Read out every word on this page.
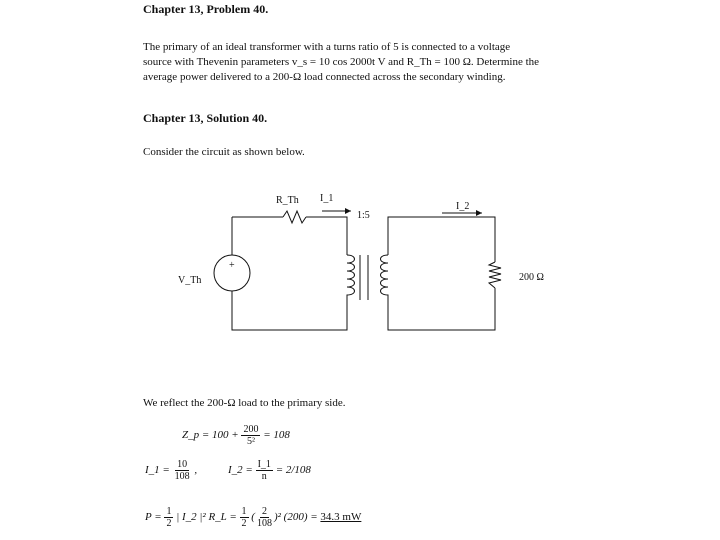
Chapter 13, Problem 40.
The primary of an ideal transformer with a turns ratio of 5 is connected to a voltage
source with Thevenin parameters v_s = 10 cos 2000t V and R_Th = 100 Ω. Determine the
average power delivered to a 200-Ω load connected across the secondary winding.
Chapter 13, Solution 40.
Consider the circuit as shown below.
R_Th I_1
1:5
I_2
+
V_Th	200 Ω
We reflect the 200-Ω load to the primary side.
Z_p = $100 + \frac{200}{\text{5²}} = 108$
I_1 = $\frac{10}{108}$ ,	I_2 = $\frac{I\_1}{n} = 2/108$
$P = \frac{1}{2}$ | I_2 |² R_L = $\frac{1}{2}$ ( $\frac{2}{108} )^2$ (200) = 34.3 mW
